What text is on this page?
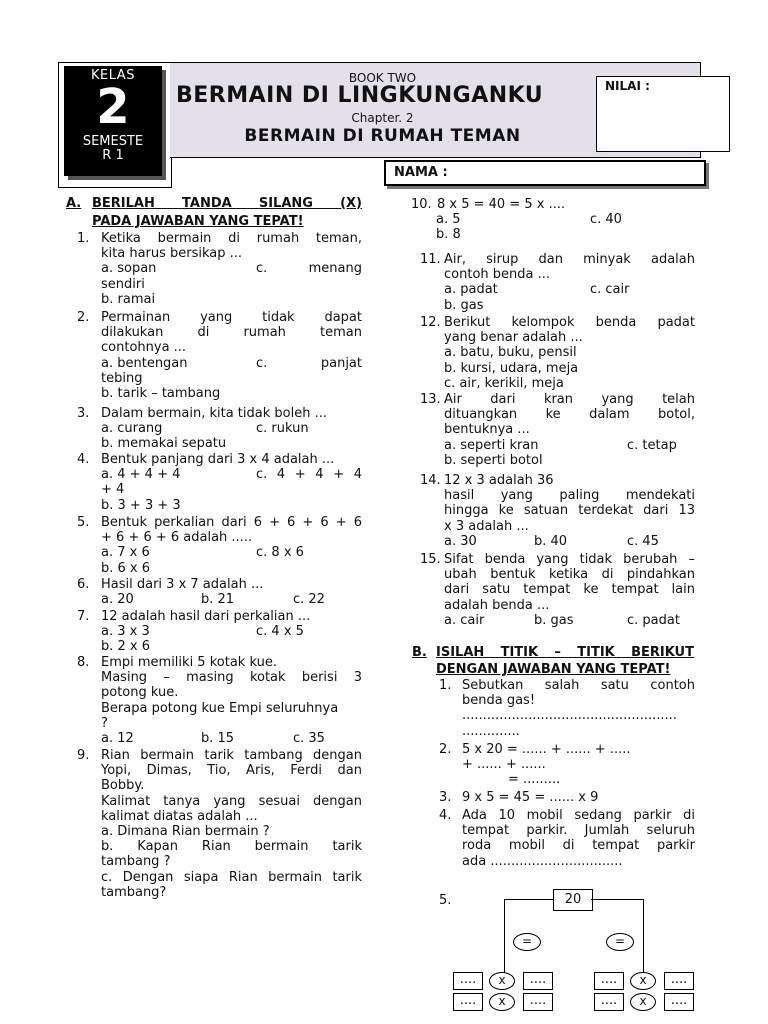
KELAS
2
SEMESTE
R 1
BOOK TWO
BERMAIN DI LINGKUNGANKU
Chapter. 2
BERMAIN DI RUMAH TEMAN
NILAI :
NAMA :
A. BERILAH TANDA SILANG (X)
PADA JAWABAN YANG TEPAT!
1. Ketika bermain di rumah teman,
kita harus bersikap ...
a. sopan	c. menang
sendiri
b. ramai
2. Permainan yang tidak dapat
dilakukan di rumah teman
contohnya ...
a. bentengan	c. panjat
tebing
b. tarik – tambang
3. Dalam bermain, kita tidak boleh ...
a. curang	c. rukun
b. memakai sepatu
4. Bentuk panjang dari 3 x 4 adalah ...
a. 4 + 4 + 4	c. 4 + 4 + 4
+ 4
b. 3 + 3 + 3
5. Bentuk perkalian dari 6 + 6 + 6 + 6
+ 6 + 6 + 6 adalah .....
a. 7 x 6	c. 8 x 6
b. 6 x 6
6. Hasil dari 3 x 7 adalah ...
a. 20	b. 21	c. 22
7. 12 adalah hasil dari perkalian ...
a. 3 x 3	c. 4 x 5
b. 2 x 6
8. Empi memiliki 5 kotak kue.
Masing – masing kotak berisi 3
potong kue.
Berapa potong kue Empi seluruhnya
?
a. 12	b. 15	c. 35
9. Rian bermain tarik tambang dengan
Yopi, Dimas, Tio, Aris, Ferdi dan
Bobby.
Kalimat tanya yang sesuai dengan
kalimat diatas adalah ...
a. Dimana Rian bermain ?
b. Kapan Rian bermain tarik
tambang ?
c. Dengan siapa Rian bermain tarik
tambang?
B. ISILAH TITIK – TITIK BERIKUT
DENGAN JAWABAN YANG TEPAT!
10. 8 x 5 = 40 = 5 x ....
a. 5	c. 40
b. 8
11. Air, sirup dan minyak adalah
contoh benda ...
a. padat	c. cair
b. gas
12. Berikut kelompok benda padat
yang benar adalah ...
a. batu, buku, pensil
b. kursi, udara, meja
c. air, kerikil, meja
13. Air dari kran yang telah
dituangkan ke dalam botol,
bentuknya ...
a. seperti kran	c. tetap
b. seperti botol
14. 12 x 3 adalah 36
hasil yang paling mendekati
hingga ke satuan terdekat dari 13
x 3 adalah ...
a. 30	b. 40	c. 45
15. Sifat benda yang tidak berubah –
ubah bentuk ketika di pindahkan
dari satu tempat ke tempat lain
adalah benda ...
a. cair	b. gas	c. padat
1. Sebutkan salah satu contoh
benda gas!
....................................................
..............
2. 5 x 20 = ...... + ...... + .....
+ ...... + ......
= .........
3. 9 x 5 = 45 = ...... x 9
4. Ada 10 mobil sedang parkir di
tempat parkir. Jumlah seluruh
roda mobil di tempat parkir
ada ................................
5.	20
=	=
....	x	....	....	x	....
....	x	....	....	x	....
